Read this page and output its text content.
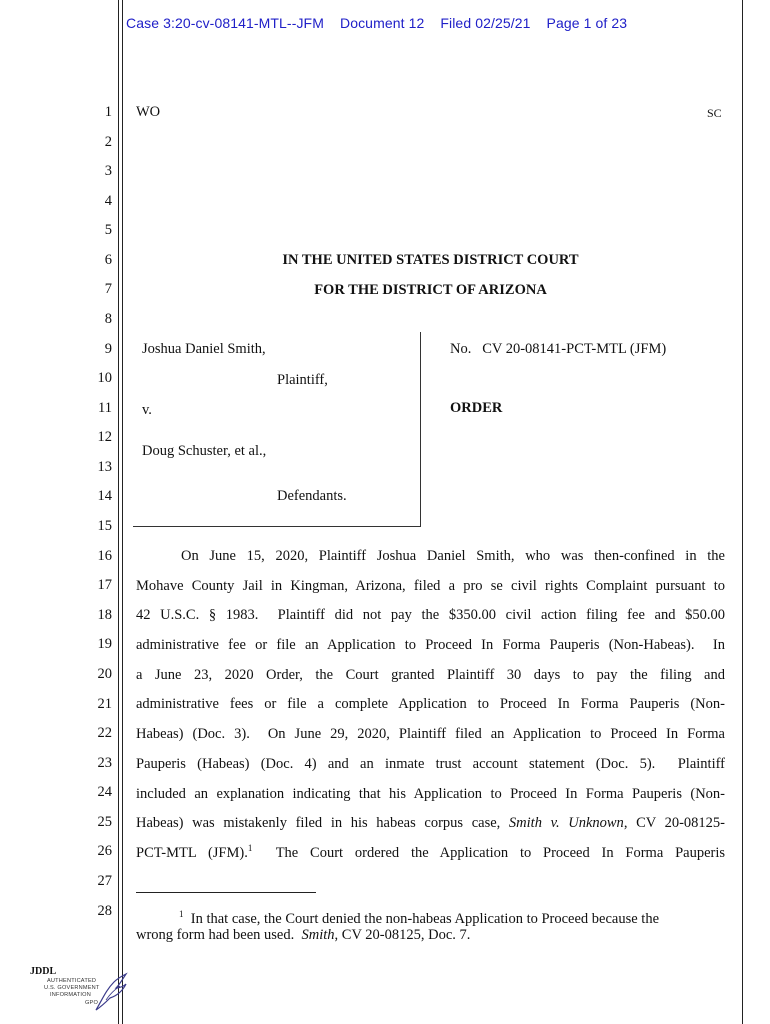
Case 3:20-cv-08141-MTL--JFM Document 12 Filed 02/25/21 Page 1 of 23
1
2
3
4
5
6
7
8
9
10
11
12
13
14
15
16
17
18
19
20
21
22
23
24
25
26
27
28
WO	SC
IN THE UNITED STATES DISTRICT COURT
FOR THE DISTRICT OF ARIZONA
Joshua Daniel Smith,
Plaintiff,
v.
Doug Schuster, et al.,
Defendants.
No.   CV 20-08141-PCT-MTL (JFM)
ORDER
On June 15, 2020, Plaintiff Joshua Daniel Smith, who was then-confined in the
Mohave County Jail in Kingman, Arizona, filed a pro se civil rights Complaint pursuant to
42 U.S.C. § 1983.  Plaintiff did not pay the $350.00 civil action filing fee and $50.00
administrative fee or file an Application to Proceed In Forma Pauperis (Non-Habeas).  In
a June 23, 2020 Order, the Court granted Plaintiff 30 days to pay the filing and
administrative fees or file a complete Application to Proceed In Forma Pauperis (Non-
Habeas) (Doc. 3).  On June 29, 2020, Plaintiff filed an Application to Proceed In Forma
Pauperis (Habeas) (Doc. 4) and an inmate trust account statement (Doc. 5).  Plaintiff
included an explanation indicating that his Application to Proceed In Forma Pauperis (Non-
Habeas) was mistakenly filed in his habeas corpus case, Smith v. Unknown, CV 20-08125-
PCT-MTL (JFM).$^1$  The Court ordered the Application to Proceed In Forma Pauperis
$^1$ In that case, the Court denied the non-habeas Application to Proceed because the
wrong form had been used.  Smith, CV 20-08125, Doc. 7.
JDDL
AUTHENTICATED
U.S. GOVERNMENT
INFORMATION
GPO
